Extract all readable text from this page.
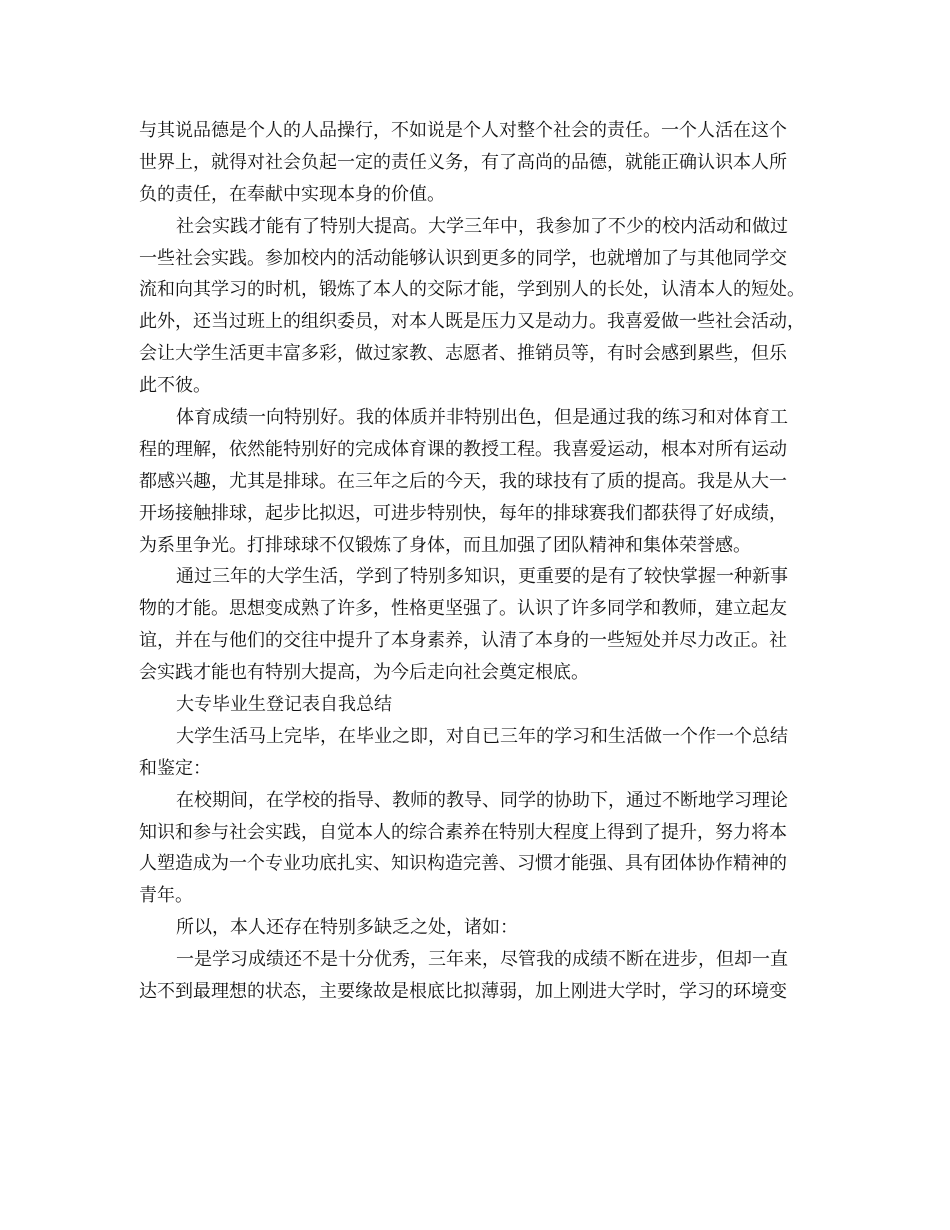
与其说品德是个人的人品操行，不如说是个人对整个社会的责任。一个人活在这个
世界上，就得对社会负起一定的责任义务，有了高尚的品德，就能正确认识本人所
负的责任，在奉献中实现本身的价值。
社会实践才能有了特别大提高。大学三年中，我参加了不少的校内活动和做过
一些社会实践。参加校内的活动能够认识到更多的同学，也就增加了与其他同学交
流和向其学习的时机，锻炼了本人的交际才能，学到别人的长处，认清本人的短处。
此外，还当过班上的组织委员，对本人既是压力又是动力。我喜爱做一些社会活动，
会让大学生活更丰富多彩，做过家教、志愿者、推销员等，有时会感到累些，但乐
此不彼。
体育成绩一向特别好。我的体质并非特别出色，但是通过我的练习和对体育工
程的理解，依然能特别好的完成体育课的教授工程。我喜爱运动，根本对所有运动
都感兴趣，尤其是排球。在三年之后的今天，我的球技有了质的提高。我是从大一
开场接触排球，起步比拟迟，可进步特别快，每年的排球赛我们都获得了好成绩，
为系里争光。打排球球不仅锻炼了身体，而且加强了团队精神和集体荣誉感。
通过三年的大学生活，学到了特别多知识，更重要的是有了较快掌握一种新事
物的才能。思想变成熟了许多，性格更坚强了。认识了许多同学和教师，建立起友
谊，并在与他们的交往中提升了本身素养，认清了本身的一些短处并尽力改正。社
会实践才能也有特别大提高，为今后走向社会奠定根底。
大专毕业生登记表自我总结
大学生活马上完毕，在毕业之即，对自已三年的学习和生活做一个作一个总结
和鉴定：
在校期间，在学校的指导、教师的教导、同学的协助下，通过不断地学习理论
知识和参与社会实践，自觉本人的综合素养在特别大程度上得到了提升，努力将本
人塑造成为一个专业功底扎实、知识构造完善、习惯才能强、具有团体协作精神的
青年。
所以，本人还存在特别多缺乏之处，诸如：
一是学习成绩还不是十分优秀，三年来，尽管我的成绩不断在进步，但却一直
达不到最理想的状态，主要缘故是根底比拟薄弱，加上刚进大学时，学习的环境变
